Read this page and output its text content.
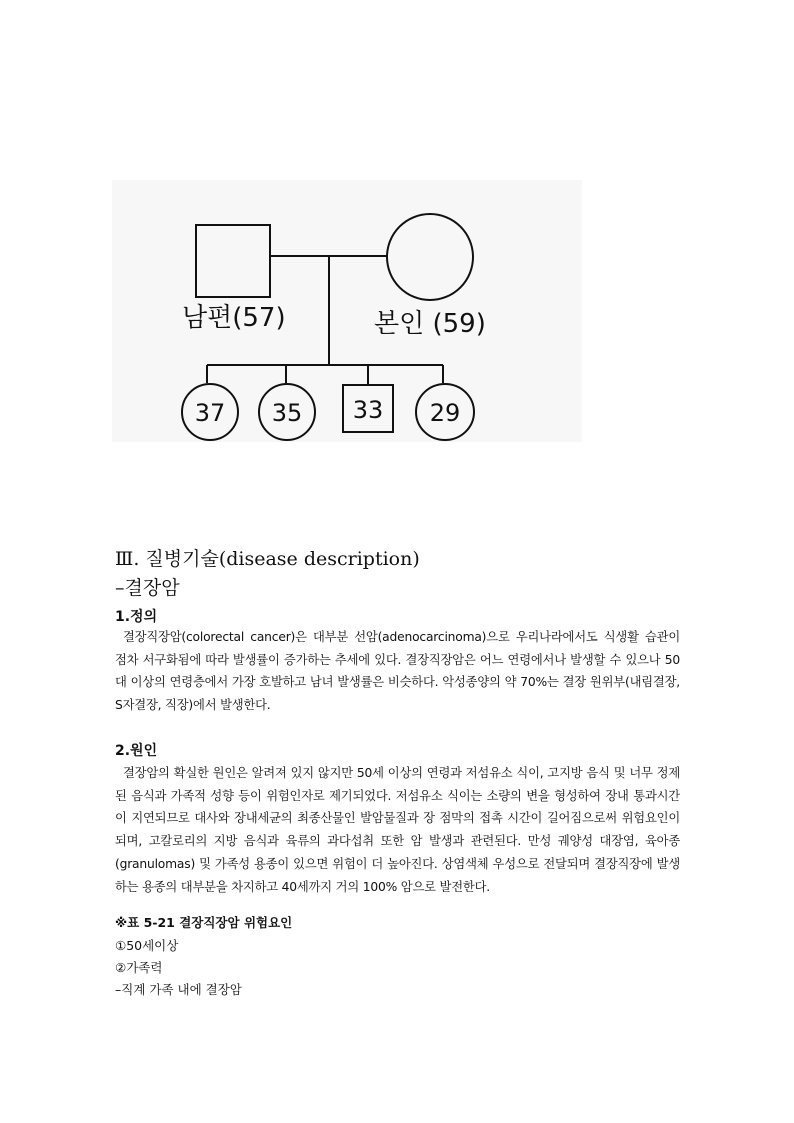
남편(57)	본인 (59)
37 35 33 29
Ⅲ. 질병기술(disease description)
–결장암
1.정의
결장직장암(colorectal cancer)은 대부분 선암(adenocarcinoma)으로 우리나라에서도 식생활 습관이 점차 서구화됨에 따라 발생률이 증가하는 추세에 있다. 결장직장암은 어느 연령에서나 발생할 수 있으나 50대 이상의 연령층에서 가장 호발하고 남녀 발생률은 비슷하다. 악성종양의 약 70%는 결장 원위부(내림결장, S자결장, 직장)에서 발생한다.
2.원인
결장암의 확실한 원인은 알려져 있지 않지만 50세 이상의 연령과 저섬유소 식이, 고지방 음식 및 너무 정제된 음식과 가족적 성향 등이 위험인자로 제기되었다. 저섬유소 식이는 소량의 변을 형성하여 장내 통과시간이 지연되므로 대사와 장내세균의 최종산물인 발암물질과 장 점막의 접촉 시간이 길어짐으로써 위험요인이 되며, 고칼로리의 지방 음식과 육류의 과다섭취 또한 암 발생과 관련된다. 만성 궤양성 대장염, 육아종(granulomas) 및 가족성 용종이 있으면 위험이 더 높아진다. 상염색체 우성으로 전달되며 결장직장에 발생하는 용종의 대부분을 차지하고 40세까지 거의 100% 암으로 발전한다.
※표 5-21 결장직장암 위험요인
①50세이상
②가족력
–직계 가족 내에 결장암
